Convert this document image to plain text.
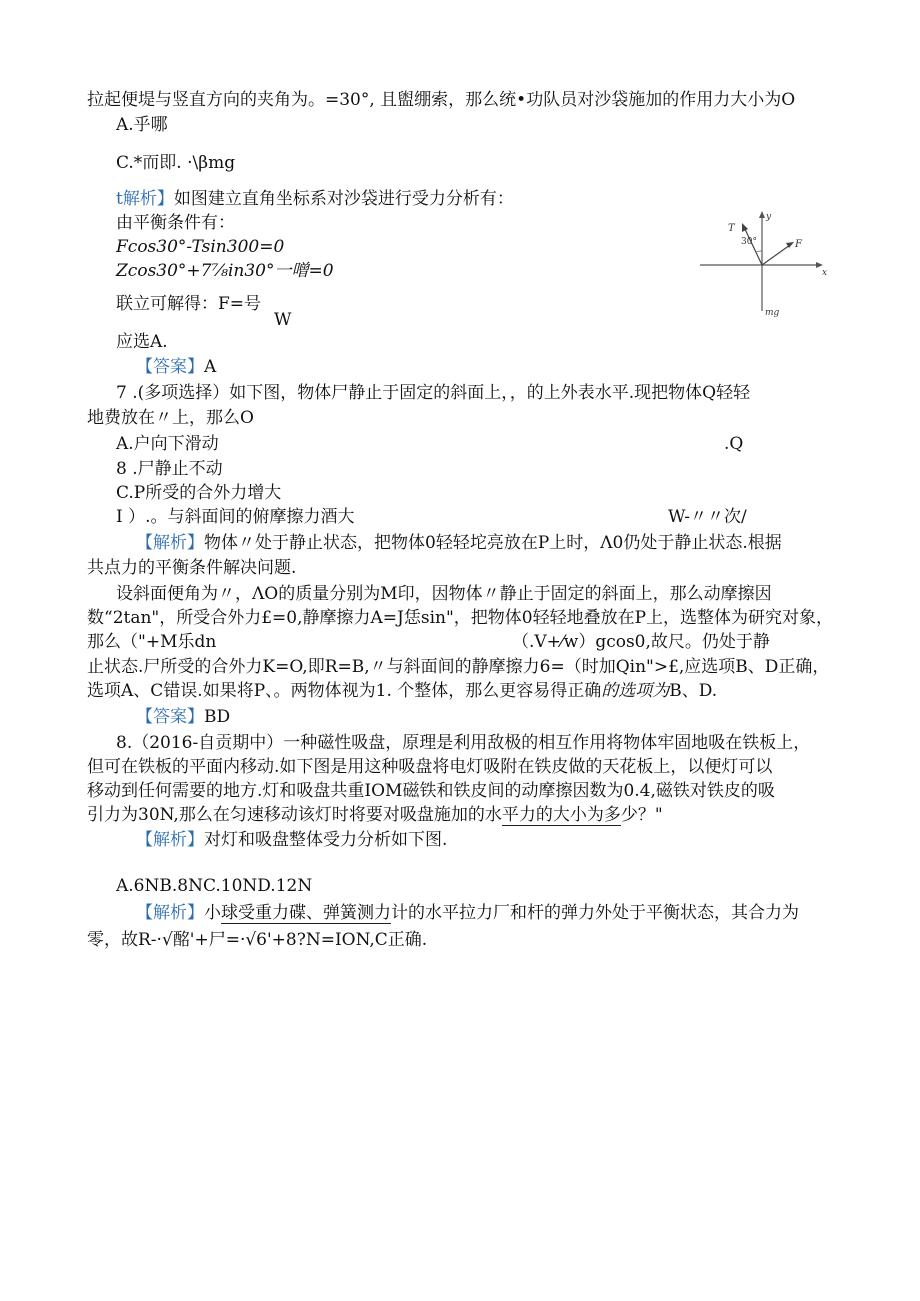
拉起便堤与竖直方向的夹角为。=30°, 且盥绷索，那么统•功队员对沙袋施加的作用力大小为O
A.乎哪
C.*而即. ·\βmg
t解析】如图建立直角坐标系对沙袋进行受力分析有：
由平衡条件有：
Fcos30°-Tsin300=0
Zcos30°+7⅞in30°一噌=0
联立可解得：F=号
W
应选A.
【答案】A
y
T
30°	F
x
mg
7 .(多项选择）如下图，物体尸静止于固定的斜面上，，的上外表水平.现把物体Q轻轻
地费放在〃上，那么O
A.户向下滑动	.Q
8 .尸静止不动
C.P所受的合外力增大
I ）.。与斜面间的俯摩擦力酒大	W-〃〃次/
【解析】物体〃处于静止状态，把物体0轻轻坨亮放在P上时，Λ0仍处于静止状态.根据
共点力的平衡条件解决问题.
设斜面便角为〃，ΛO的质量分别为M印，因物体〃静止于固定的斜面上，那么动摩擦因
数“2tan"，所受合外力£=0,静摩擦力A=J恁sin"，把物体0轻轻地叠放在P上，选整体为研究对象，
那么（"+M乐dn	（.V+⁄w）gcos0,故尺。仍处于静
止状态.尸所受的合外力K=O,即R=B,〃与斜面间的静摩擦力6=（时加Qin">£,应选项B、D正确，
选项A、C错误.如果将P、。两物体视为1. 个整体，那么更容易得正确的选项为B、D.
【答案】BD
8.（2016-自贡期中）一种磁性吸盘，原理是利用敌极的相互作用将物体牢固地吸在铁板上，
但可在铁板的平面内移动.如下图是用这种吸盘将电灯吸附在铁皮做的天花板上，以便灯可以
移动到任何需要的地方.灯和吸盘共重IOM磁铁和铁皮间的动摩擦因数为0.4,磁铁对铁皮的吸
引力为30N,那么在匀速移动该灯时将要对吸盘施加的水平力的大小为多少？"
【解析】对灯和吸盘整体受力分析如下图.
A.6NB.8NC.10ND.12N
【解析】小球受重力碟、弹簧测力计的水平拉力厂和杆的弹力外处于平衡状态，其合力为
零，故R-·√酩'+尸=·√6'+8?N=ION,C正确.
